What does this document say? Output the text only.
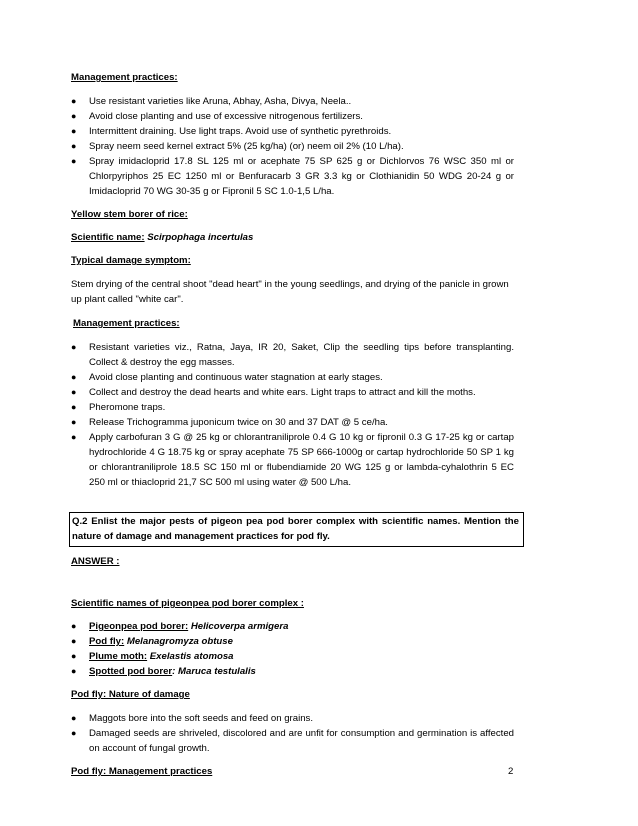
Management practices:

● Use resistant varieties like Aruna, Abhay, Asha, Divya, Neela..
● Avoid close planting and use of excessive nitrogenous fertilizers.
● Intermittent draining. Use light traps. Avoid use of synthetic pyrethroids.
● Spray neem seed kernel extract 5% (25 kg/ha) (or) neem oil 2% (10 L/ha).
● Spray imidacloprid 17.8 SL 125 ml or acephate 75 SP 625 g or Dichlorvos 76 WSC 350 ml or Chlorpyriphos 25 EC 1250 ml or Benfuracarb 3 GR 3.3 kg or Clothianidin 50 WDG 20-24 g or Imidacloprid 70 WG 30-35 g or Fipronil 5 SC 1.0-1,5 L/ha.

Yellow stem borer of rice:

Scientific name: Scirpophaga incertulas

Typical damage symptom:

Stem drying of the central shoot "dead heart" in the young seedlings, and drying of the panicle in grown up plant called "white car".

Management practices:

● Resistant varieties viz., Ratna, Jaya, IR 20, Saket, Clip the seedling tips before transplanting. Collect & destroy the egg masses.
● Avoid close planting and continuous water stagnation at early stages.
● Collect and destroy the dead hearts and white ears. Light traps to attract and kill the moths.
● Pheromone traps.
● Release Trichogramma juponicum twice on 30 and 37 DAT @ 5 ce/ha.
● Apply carbofuran 3 G @ 25 kg or chlorantraniliprole 0.4 G 10 kg or fipronil 0.3 G 17-25 kg or cartap hydrochloride 4 G 18.75 kg or spray acephate 75 SP 666-1000g or cartap hydrochloride 50 SP 1 kg or chlorantraniliprole 18.5 SC 150 ml or flubendiamide 20 WG 125 g or lambda-cyhalothrin 5 EC 250 ml or thiacloprid 21,7 SC 500 ml using water @ 500 L/ha.
Q.2 Enlist the major pests of pigeon pea pod borer complex with scientific names. Mention the nature of damage and management practices for pod fly.

ANSWER :

Scientific names of pigeonpea pod borer complex :

● Pigeonpea pod borer: Helicoverpa armigera
● Pod fly: Melanagromyza obtuse
● Plume moth: Exelastis atomosa
● Spotted pod borer: Maruca testulalis

Pod fly: Nature of damage

● Maggots bore into the soft seeds and feed on grains.
● Damaged seeds are shriveled, discolored and are unfit for consumption and germination is affected on account of fungal growth.

Pod fly: Management practices	2
